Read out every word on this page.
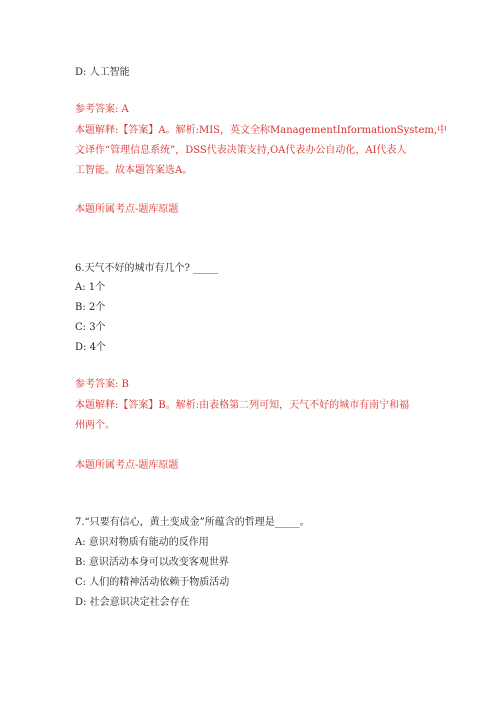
D: 人工智能
参考答案: A
本题解释:【答案】A。解析:MIS，英文全称ManagementInformationSystem,中
文译作“管理信息系统”，DSS代表决策支持,OA代表办公自动化，AI代表人
工智能。故本题答案选A。
本题所属考点-题库原题
6.天气不好的城市有几个? _____
A: 1个
B: 2个
C: 3个
D: 4个
参考答案: B
本题解释:【答案】B。解析:由表格第二列可知，天气不好的城市有南宁和福
州两个。
本题所属考点-题库原题
7.“只要有信心，黄土变成金”所蕴含的哲理是_____。
A: 意识对物质有能动的反作用
B: 意识活动本身可以改变客观世界
C: 人们的精神活动依赖于物质活动
D: 社会意识决定社会存在
